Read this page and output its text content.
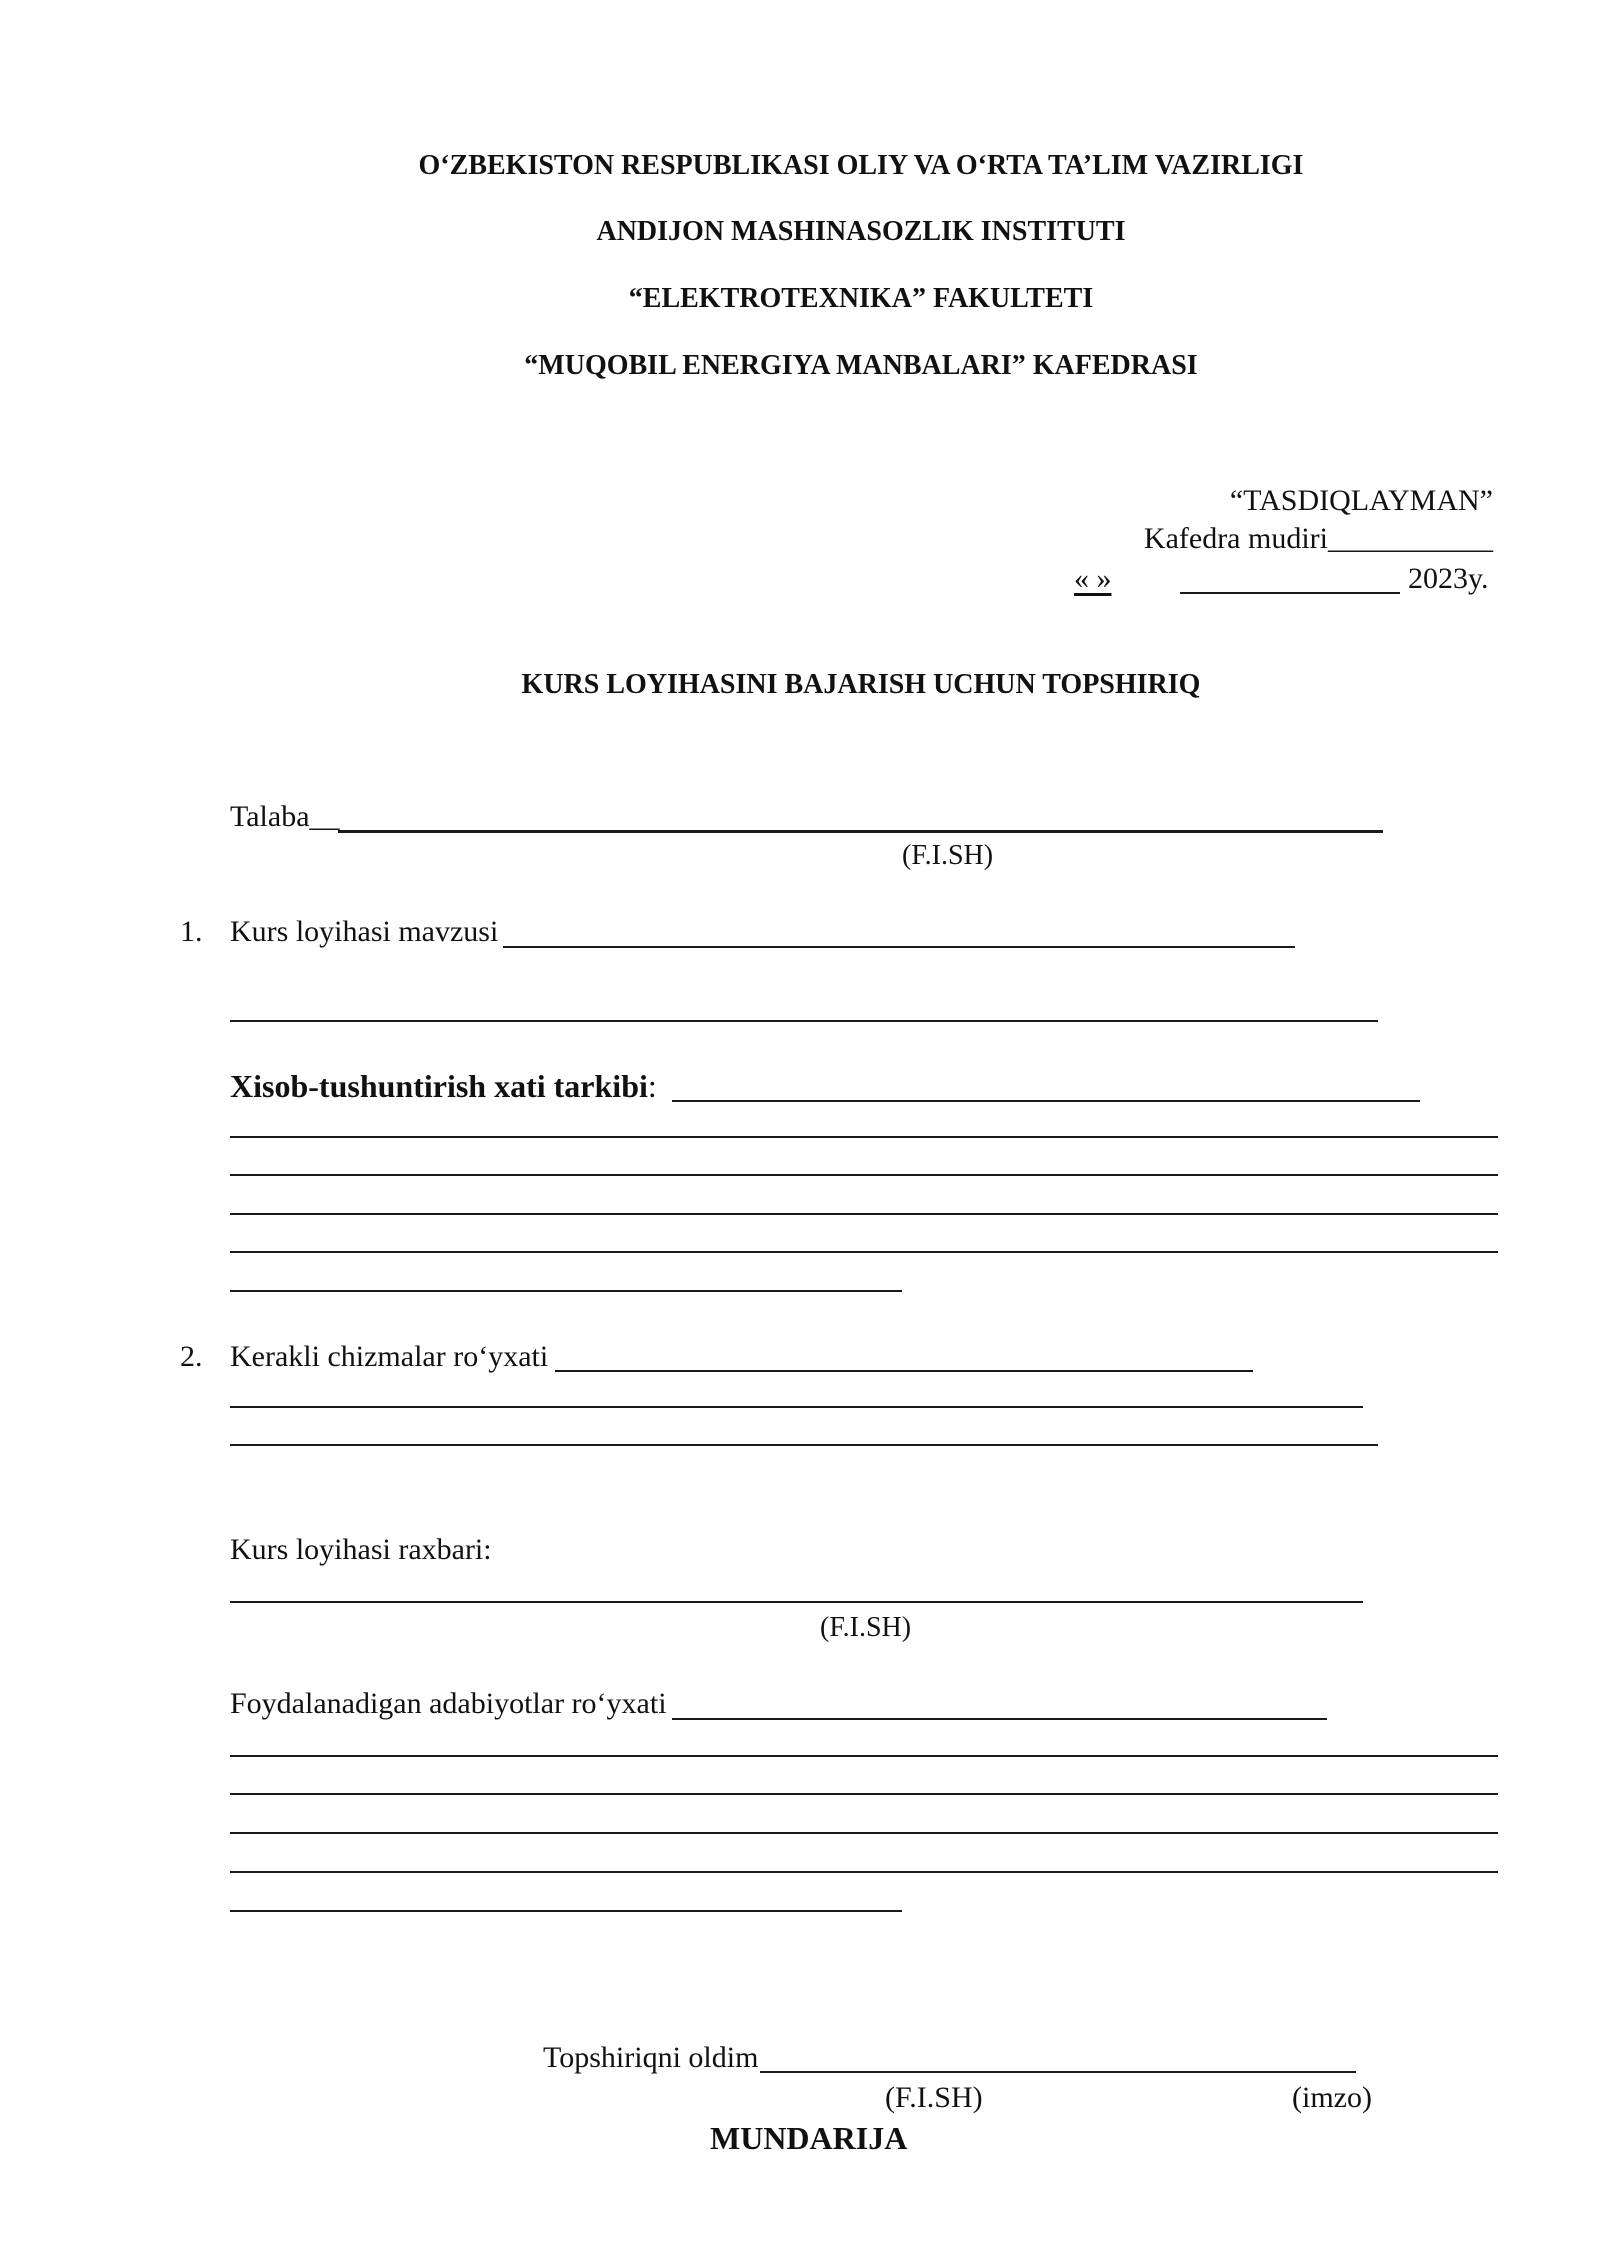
O‘ZBEKISTON RESPUBLIKASI OLIY VA O‘RTA TA’LIM VAZIRLIGI
ANDIJON MASHINASOZLIK INSTITUTI
“ELEKTROTEXNIKA” FAKULTETI
“MUQOBIL ENERGIYA MANBALARI” KAFEDRASI
“TASDIQLAYMAN”
Kafedra mudiri___________
« »	2023y.
KURS LOYIHASINI BAJARISH UCHUN TOPSHIRIQ
Talaba__
(F.I.SH)
1. Kurs loyihasi mavzusi
Xisob-tushuntirish xati tarkibi:
2. Kerakli chizmalar ro‘yxati
Kurs loyihasi raxbari:
(F.I.SH)
Foydalanadigan adabiyotlar ro‘yxati
Topshiriqni oldim
(F.I.SH)	(imzo)
MUNDARIJA
